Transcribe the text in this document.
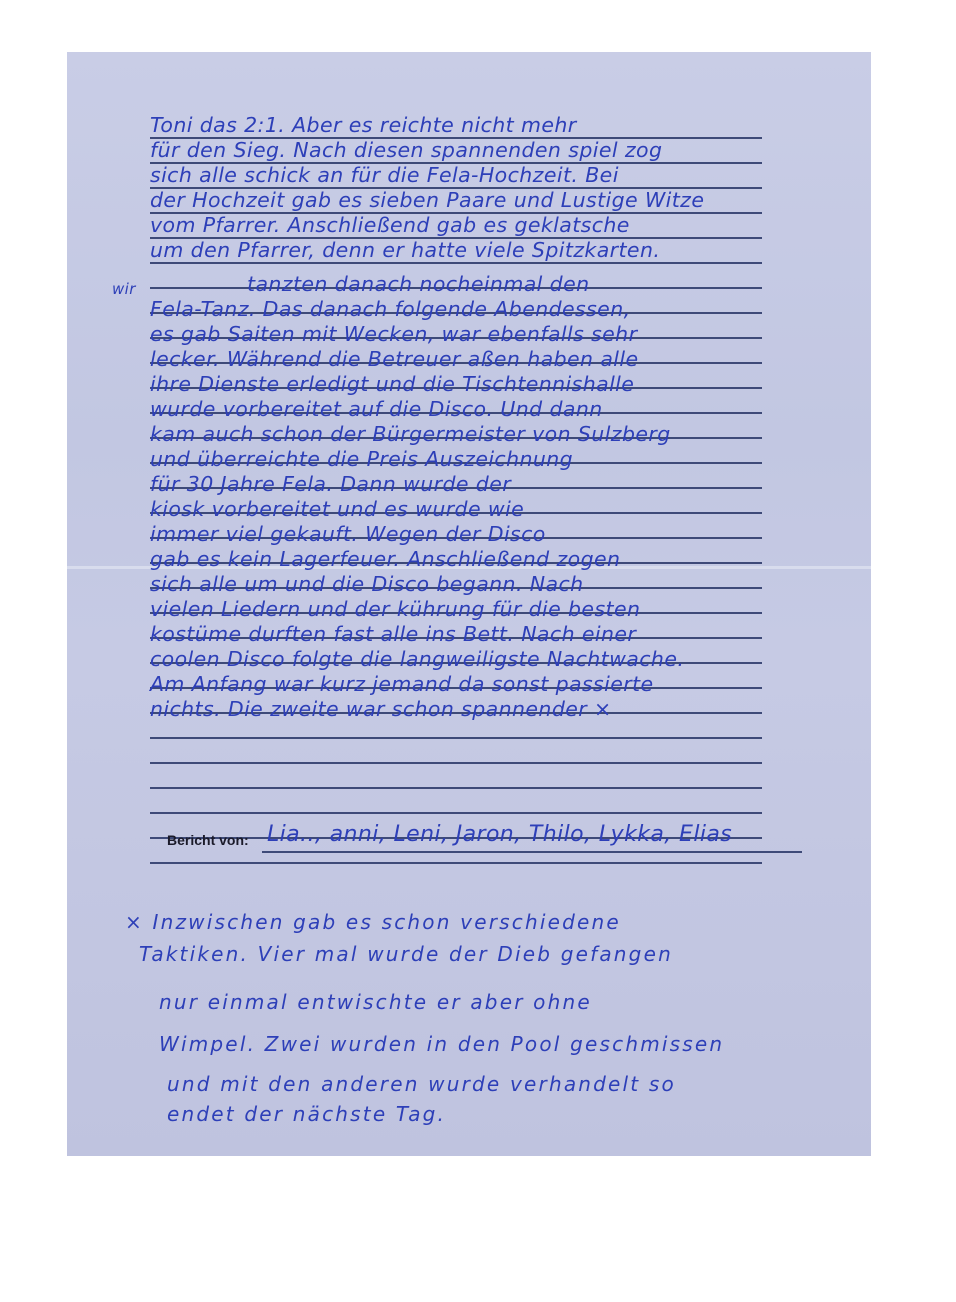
wir
Toni das 2:1. Aber es reichte nicht mehr
für den Sieg. Nach diesen spannenden spiel zog
sich alle schick an für die Fela-Hochzeit. Bei
der Hochzeit gab es sieben Paare und Lustige Witze
vom Pfarrer. Anschließend gab es geklatsche
um den Pfarrer, denn er hatte viele Spitzkarten.
tanzten danach nocheinmal den
Fela-Tanz. Das danach folgende Abendessen,
es gab Saiten mit Wecken, war ebenfalls sehr
lecker. Während die Betreuer aßen haben alle
ihre Dienste erledigt und die Tischtennishalle
wurde vorbereitet auf die Disco. Und dann
kam auch schon der Bürgermeister von Sulzberg
und überreichte die Preis Auszeichnung
für 30 Jahre Fela. Dann wurde der
kiosk vorbereitet und es wurde wie
immer viel gekauft. Wegen der Disco
gab es kein Lagerfeuer. Anschließend zogen
sich alle um und die Disco begann. Nach
vielen Liedern und der kührung für die besten
kostüme durften fast alle ins Bett. Nach einer
coolen Disco folgte die langweiligste Nachtwache.
Am Anfang war kurz jemand da sonst passierte
nichts. Die zweite war schon spannender ×
Bericht von: Lia.., anni, Leni, Jaron, Thilo, Lykka, Elias
× Inzwischen gab es schon verschiedene
Taktiken. Vier mal wurde der Dieb gefangen
nur einmal entwischte er aber ohne
Wimpel. Zwei wurden in den Pool geschmissen
und mit den anderen wurde verhandelt so
endet der nächste Tag.
